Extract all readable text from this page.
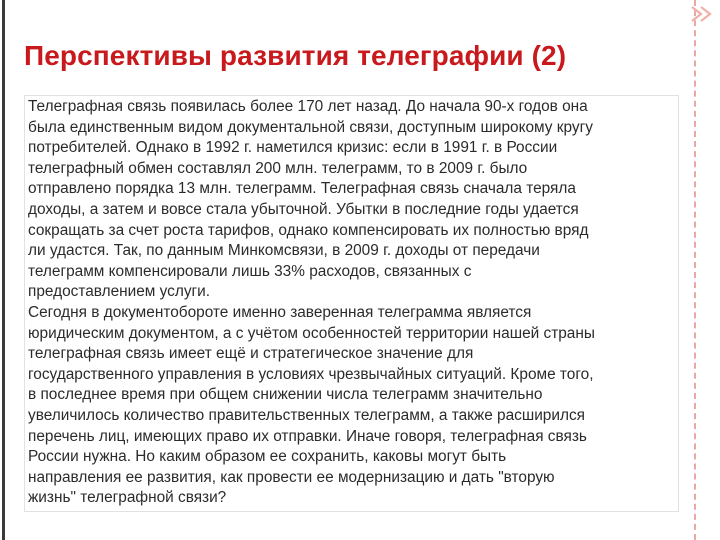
Перспективы развития телеграфии (2)
Телеграфная связь появилась более 170 лет назад. До начала 90-х годов она
была единственным видом документальной связи, доступным широкому кругу
потребителей. Однако в 1992 г. наметился кризис: если в 1991 г. в России
телеграфный обмен составлял 200 млн. телеграмм, то в 2009 г. было
отправлено порядка 13 млн. телеграмм. Телеграфная связь сначала теряла
доходы, а затем и вовсе стала убыточной. Убытки в последние годы удается
сокращать за счет роста тарифов, однако компенсировать их полностью вряд
ли удастся. Так, по данным Минкомсвязи, в 2009 г. доходы от передачи
телеграмм компенсировали лишь 33% расходов, связанных с
предоставлением услуги.
Сегодня в документобороте именно заверенная телеграмма является
юридическим документом, а с учётом особенностей территории нашей страны
телеграфная связь имеет ещё и стратегическое значение для
государственного управления в условиях чрезвычайных ситуаций. Кроме того,
в последнее время при общем снижении числа телеграмм значительно
увеличилось количество правительственных телеграмм, а также расширился
перечень лиц, имеющих право их отправки. Иначе говоря, телеграфная связь
России нужна. Но каким образом ее сохранить, каковы могут быть
направления ее развития, как провести ее модернизацию и дать "вторую
жизнь" телеграфной связи?
